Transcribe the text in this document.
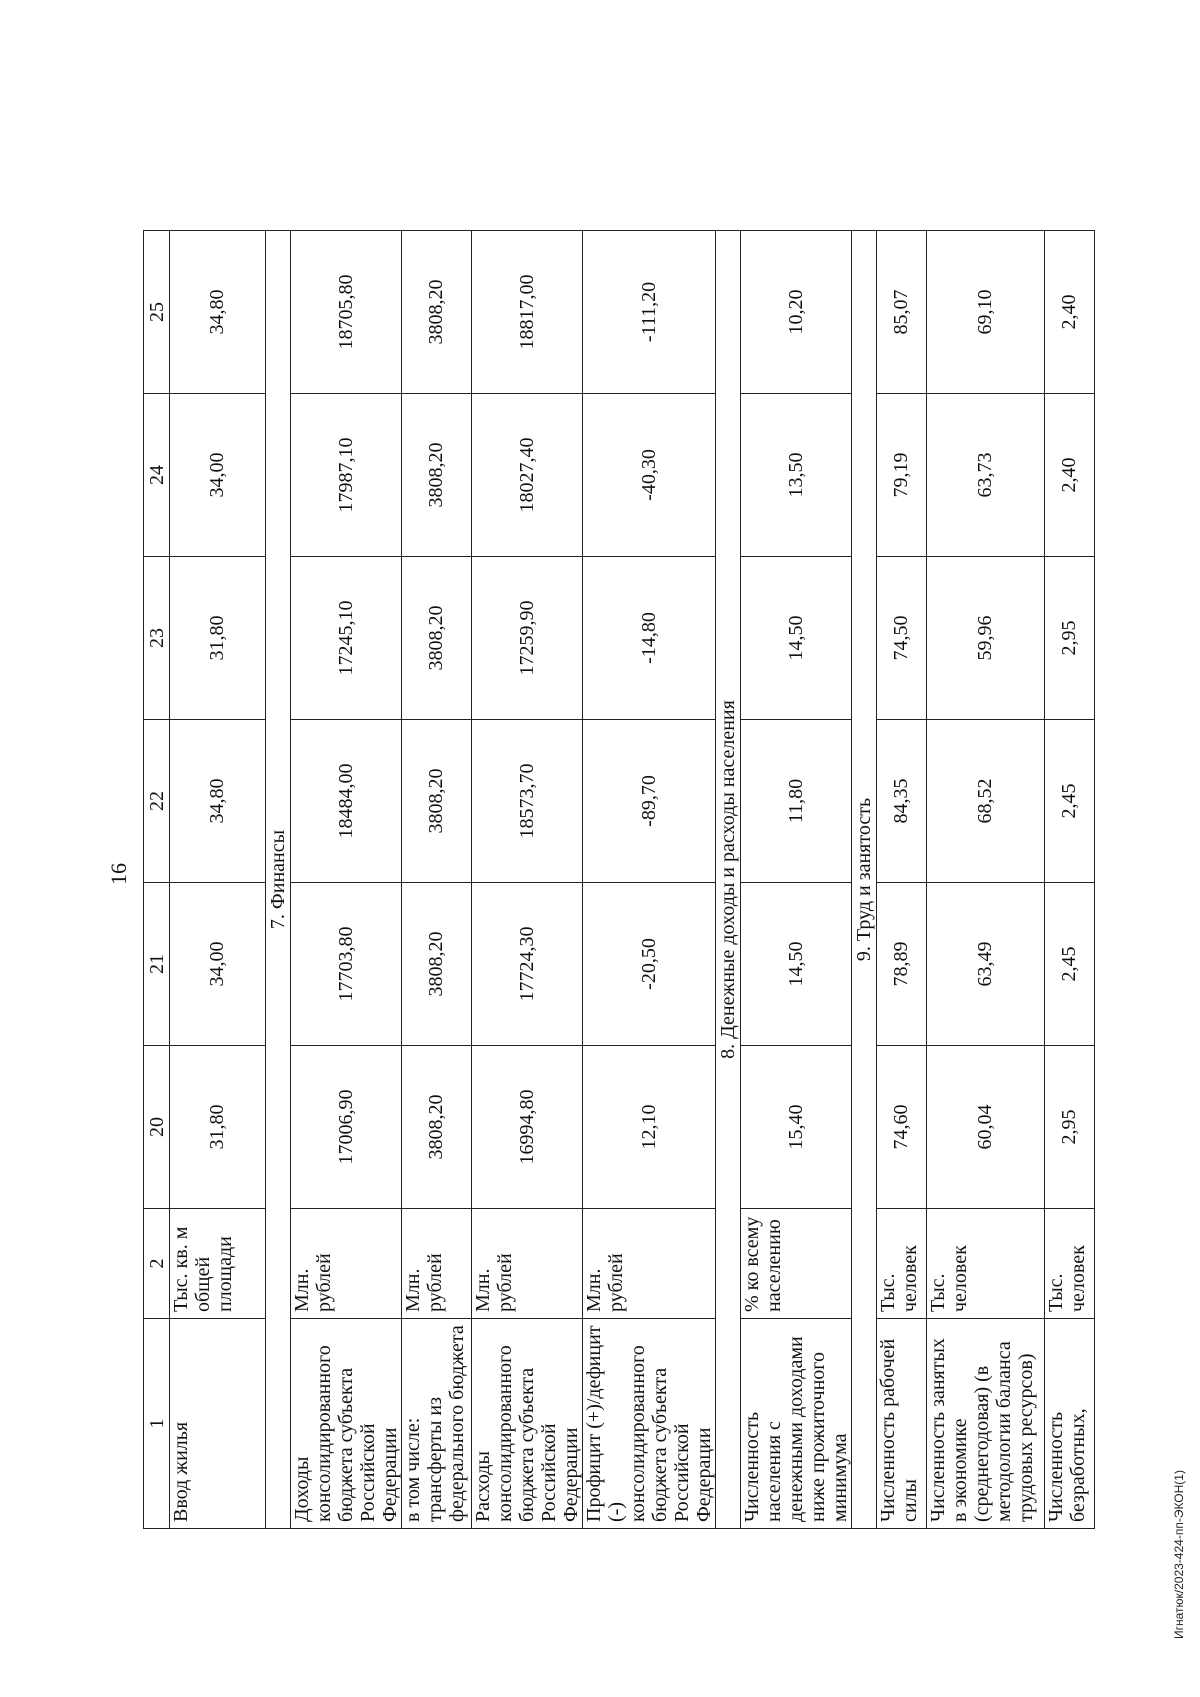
16
Игнатюк/2023-424-пп-ЭКОН(1)
1	2	20	21	22	23	24	25
Ввод жилья	Тыс. кв. м общей площади	31,80	34,00	34,80	31,80	34,00	34,80
7. Финансы							
Доходы консолидированного бюджета субъекта Российской Федерации	Млн. рублей	17006,90	17703,80	18484,00	17245,10	17987,10	18705,80
в том числе: трансферты из федерального бюджета	Млн. рублей	3808,20	3808,20	3808,20	3808,20	3808,20	3808,20
Расходы консолидированного бюджета субъекта Российской Федерации	Млн. рублей	16994,80	17724,30	18573,70	17259,90	18027,40	18817,00
Профицит (+)/дефицит (-) консолидированного бюджета субъекта Российской Федерации	Млн. рублей	12,10	-20,50	-89,70	-14,80	-40,30	-111,20
8. Денежные доходы и расходы населения							
Численность населения с денежными доходами ниже прожиточного минимума	% ко всему населению	15,40	14,50	11,80	14,50	13,50	10,20
9. Труд и занятость							
Численность рабочей силы	Тыс. человек	74,60	78,89	84,35	74,50	79,19	85,07
Численность занятых в экономике (среднегодовая) (в методологии баланса трудовых ресурсов)	Тыс. человек	60,04	63,49	68,52	59,96	63,73	69,10
Численность безработных,	Тыс. человек	2,95	2,45	2,45	2,95	2,40	2,40
